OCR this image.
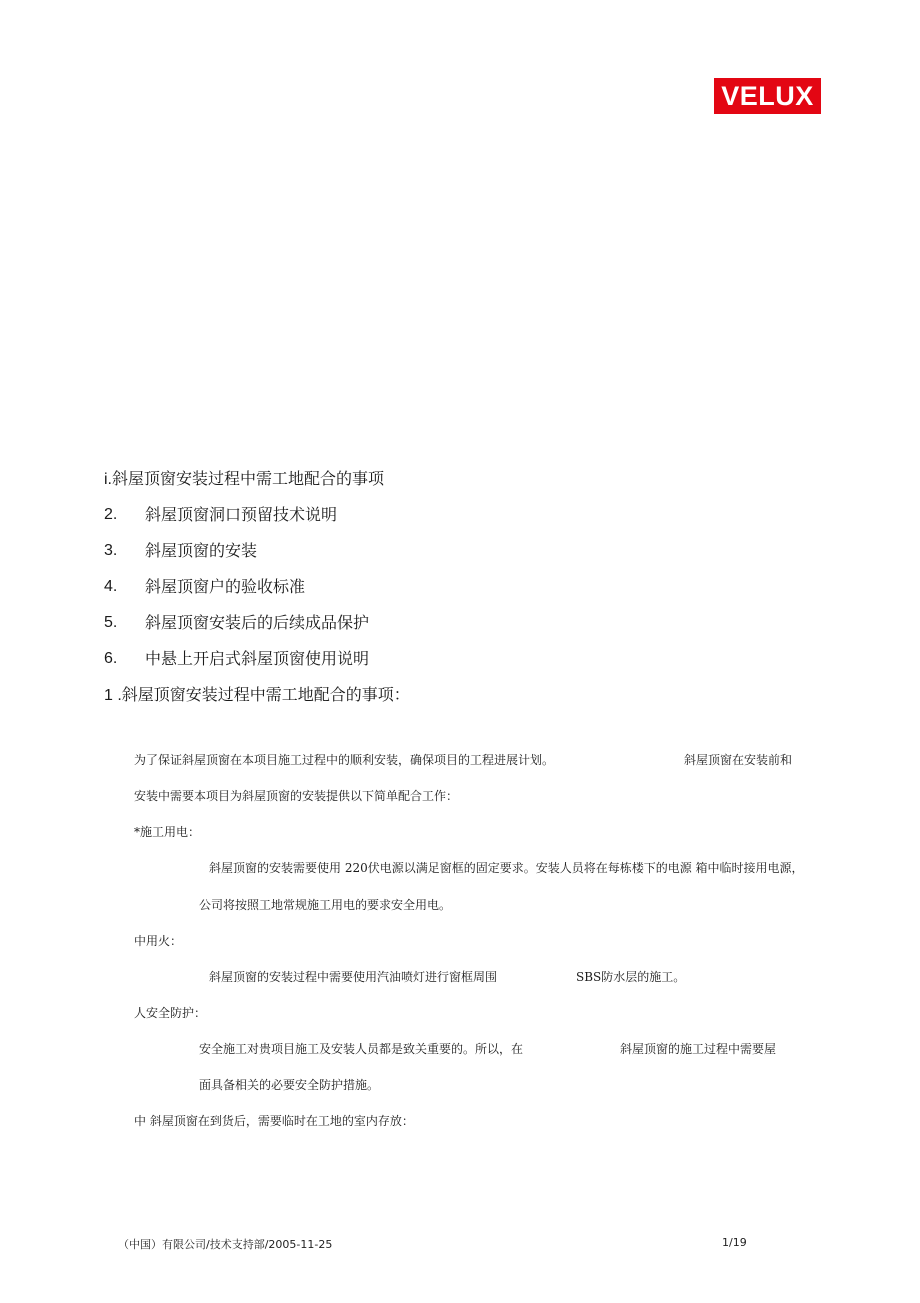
VELUX
i.斜屋顶窗安装过程中需工地配合的事项
2. 斜屋顶窗洞口预留技术说明
3. 斜屋顶窗的安装
4. 斜屋顶窗户的验收标准
5. 斜屋顶窗安装后的后续成品保护
6. 中悬上开启式斜屋顶窗使用说明
1 .斜屋顶窗安装过程中需工地配合的事项：
为了保证斜屋顶窗在本项目施工过程中的顺利安装，确保项目的工程进展计划。	斜屋顶窗在安装前和
安装中需要本项目为斜屋顶窗的安装提供以下简单配合工作：
*施工用电：
斜屋顶窗的安装需要使用 220伏电源以满足窗框的固定要求。安装人员将在每栋楼下的电源 箱中临时接用电源，
公司将按照工地常规施工用电的要求安全用电。
中用火：
斜屋顶窗的安装过程中需要使用汽油喷灯进行窗框周围	SBS防水层的施工。
人安全防护：
安全施工对贵项目施工及安装人员都是致关重要的。所以，在	斜屋顶窗的施工过程中需要屋
面具备相关的必要安全防护措施。
中 斜屋顶窗在到货后，需要临时在工地的室内存放：
（中国）有限公司/技术支持部/2005-11-25	1/19
